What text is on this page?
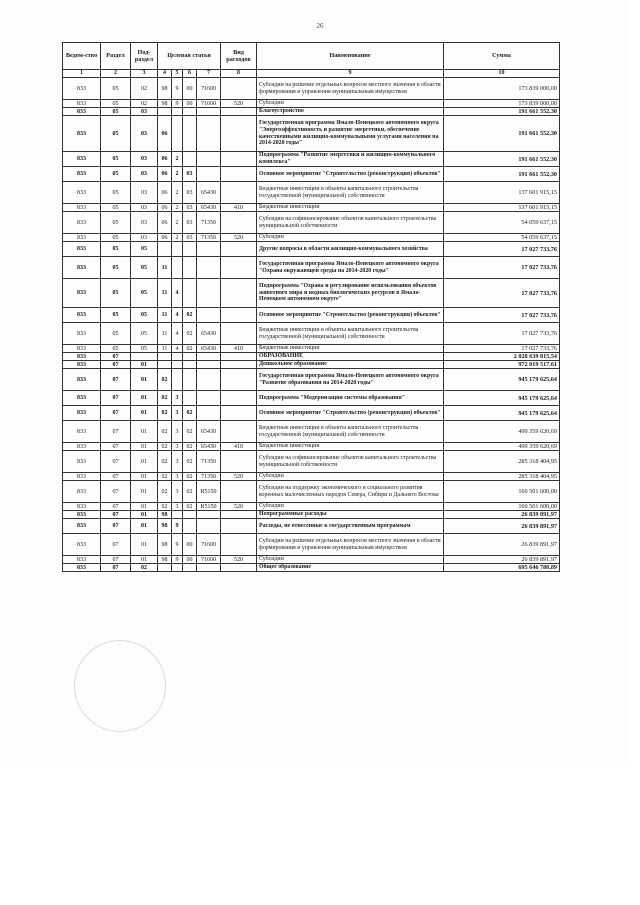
26
Ведом-ство	Раздел	Под-раздел	Целевая статья				Вид расходов	Наименование	Сумма
1	2	3	4	5	6	7	8	9	10
833	05	02	98	9	00	71600		Субсидии на решение отдельных вопросов местного значения в области формирования и управления муниципальным имуществом	173 839 000,00
833	05	02	98	9	00	71600	520	Субсидии	173 839 000,00
833	05	03						Благоустройство	191 661 552,30
833	05	03	06					Государственная программа Ямало-Ненецкого автономного округа "Энергоэффективность и развитие энергетики, обеспечение качественными жилищно-коммунальными услугами населения на 2014-2020 годы"	191 661 552,30
833	05	03	06	2				Подпрограмма "Развитие энергетики и жилищно-коммунального комплекса"	191 661 552,30
833	05	03	06	2	03			Основное мероприятие "Строительство (реконструкция) объектов"	191 661 552,30
833	05	03	06	2	03	65430		Бюджетные инвестиции в объекты капитального строительства государственной (муниципальной) собственности	137 601 915,15
833	05	03	06	2	03	65430	410	Бюджетные инвестиции	137 601 915,15
833	05	03	06	2	03	71350		Субсидии на софинансирование объектов капитального строительства муниципальной собственности	54 059 637,15
833	05	03	06	2	03	71350	520	Субсидии	54 059 637,15
833	05	05						Другие вопросы в области жилищно-коммунального хозяйства	17 027 733,76
833	05	05	11					Государственная программа Ямало-Ненецкого автономного округа "Охрана окружающей среды на 2014-2020 годы"	17 027 733,76
833	05	05	11	4				Подпрограмма "Охрана и регулирование использования объектов животного мира и водных биологических ресурсов в Ямало-Ненецком автономном округе"	17 027 733,76
833	05	05	11	4	02			Основное мероприятие "Строительство (реконструкция) объектов"	17 027 733,76
833	05	05	11	4	02	65430		Бюджетные инвестиции в объекты капитального строительства государственной (муниципальной) собственности	17 027 733,76
833	05	05	11	4	02	65430	410	Бюджетные инвестиции	17 027 733,76
833	07							ОБРАЗОВАНИЕ	2 028 639 815,54
833	07	01						Дошкольное образование	972 019 517,61
833	07	01	02					Государственная программа Ямало-Ненецкого автономного округа "Развитие образования на 2014-2020 годы"	945 179 625,64
833	07	01	02	3				Подпрограмма "Модернизация системы образования"	945 179 625,64
833	07	01	02	3	02			Основное мероприятие "Строительство (реконструкция) объектов"	945 179 625,64
833	07	01	02	3	02	65430		Бюджетные инвестиции в объекты капитального строительства государственной (муниципальной) собственности	499 359 620,69
833	07	01	02	3	02	65430	410	Бюджетные инвестиции	499 359 620,69
833	07	01	02	3	02	71350		Субсидии на софинансирование объектов капитального строительства муниципальной собственности	285 318 404,95
833	07	01	02	3	02	71350	520	Субсидии	285 318 404,95
833	07	01	02	3	02	R5150		Субсидии на поддержку экономического и социального развития коренных малочисленных народов Севера, Сибири и Дальнего Востока	160 501 600,00
833	07	01	02	3	02	R5150	520	Субсидии	160 501 600,00
833	07	01	98					Непрограммные расходы	26 839 891,97
833	07	01	98	9				Расходы, не отнесенные к государственным программам	26 839 891,97
833	07	01	98	9	00	71600		Субсидии на решение отдельных вопросов местного значения в области формирования и управления муниципальным имуществом	26 839 891,97
833	07	01	98	9	00	71600	520	Субсидии	26 839 891,97
833	07	02						Общее образование	695 646 780,89
